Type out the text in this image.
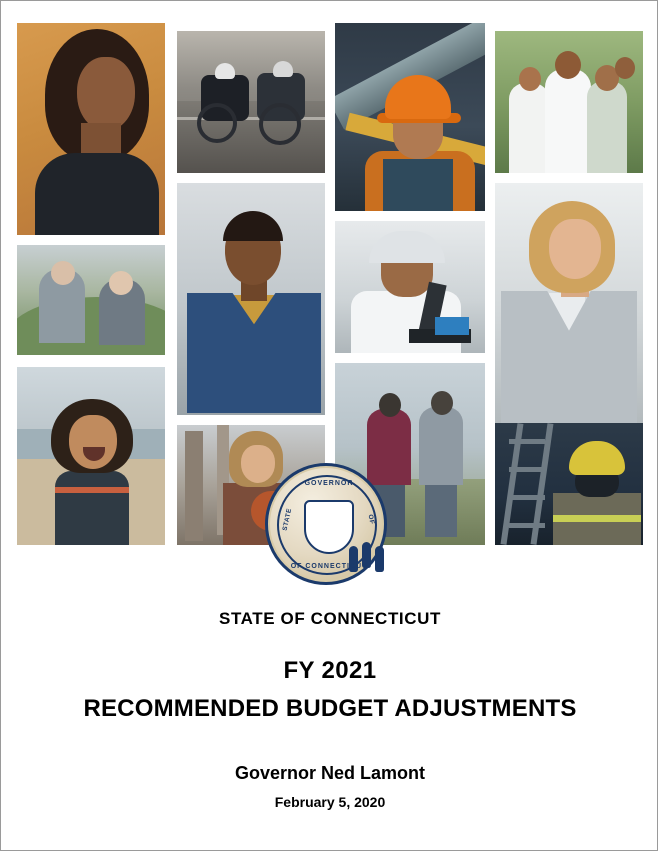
GOVERNOR
STATE	OF
OF CONNECTICUT
STATE OF CONNECTICUT
FY 2021
RECOMMENDED BUDGET ADJUSTMENTS
Governor Ned Lamont
February 5, 2020
